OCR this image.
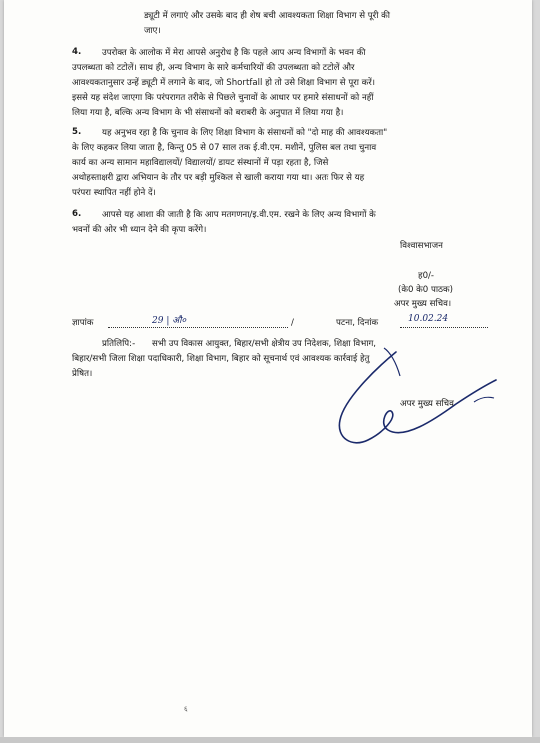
ड्यूटी में लगाएं और उसके बाद ही शेष बची आवश्यकता शिक्षा विभाग से पूरी की
जाए।
4. उपरोक्त के आलोक में मेरा आपसे अनुरोध है कि पहले आप अन्य विभागों के भवन की
उपलब्धता को टटोलें। साथ ही, अन्य विभाग के सारे कर्मचारियों की उपलब्धता को टटोलें और
आवश्यकतानुसार उन्हें ड्यूटी में लगाने के बाद, जो Shortfall हो तो उसे शिक्षा विभाग से पूरा करें।
इससे यह संदेश जाएगा कि परंपरागत तरीके से पिछले चुनावों के आधार पर हमारे संसाधनों को नहीं
लिया गया है, बल्कि अन्य विभाग के भी संसाधनों को बराबरी के अनुपात में लिया गया है।
5. यह अनुभव रहा है कि चुनाव के लिए शिक्षा विभाग के संसाधनों को "दो माह की आवश्यकता"
के लिए कहकर लिया जाता है, किन्तु 05 से 07 साल तक ई.वी.एम. मशीनें, पुलिस बल तथा चुनाव
कार्य का अन्य सामान महाविद्यालयों/ विद्यालयों/ डायट संस्थानों में पड़ा रहता है, जिसे
अथोहस्ताक्षरी द्वारा अभियान के तौर पर बड़ी मुश्किल से खाली कराया गया था। अतः फिर से यह
परंपरा स्थापित नहीं होने दें।
6. आपसे यह आशा की जाती है कि आप मतगणना/इ.वी.एम. रखने के लिए अन्य विभागों के
भवनों की ओर भी ध्यान देने की कृपा करेंगे।
विश्वासभाजन
ह0/-
(के0 के0 पाठक)
अपर मुख्य सचिव।
ज्ञापांक	29 | औ०	/	पटना, दिनांक	10.02.24
प्रतिलिपि:- सभी उप विकास आयुक्त, बिहार/सभी क्षेत्रीय उप निदेशक, शिक्षा विभाग,
बिहार/सभी जिला शिक्षा पदाधिकारी, शिक्षा विभाग, बिहार को सूचनार्थ एवं आवश्यक कार्रवाई हेतु
प्रेषित।
अपर मुख्य सचिव
६
